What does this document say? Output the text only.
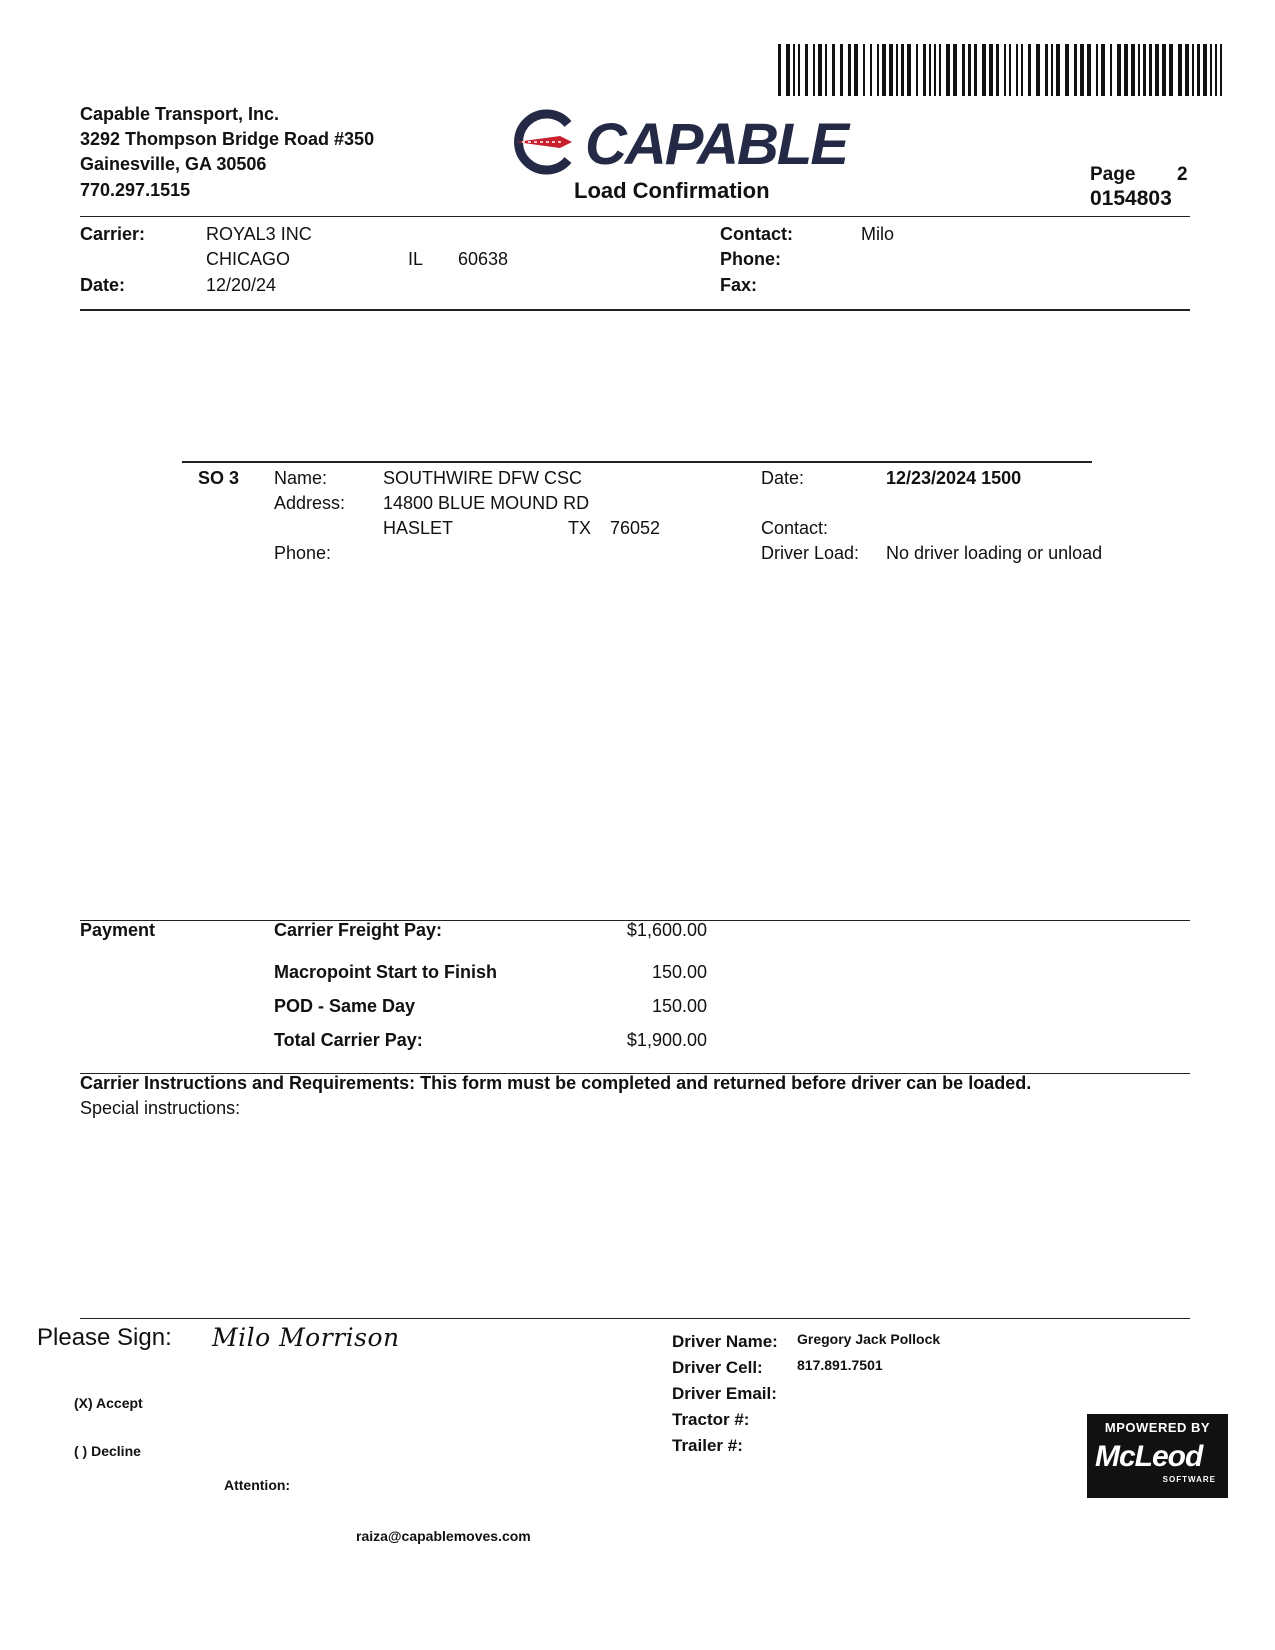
Capable Transport, Inc.
3292 Thompson Bridge Road #350
Gainesville, GA 30506
770.297.1515
CAPABLE
Load Confirmation
Page 2
0154803
Carrier:	ROYAL3 INC
CHICAGO	IL 60638
Date:	12/20/24
Contact:	Milo
Phone:
Fax:
SO 3 Name:	SOUTHWIRE DFW CSC
Address: 14800 BLUE MOUND RD
HASLET	TX 76052
Phone:
Date:	12/23/2024 1500
Contact:
Driver Load: No driver loading or unload
Payment	Carrier Freight Pay:	$1,600.00
Macropoint Start to Finish	150.00
POD - Same Day	150.00
Total Carrier Pay:	$1,900.00
Carrier Instructions and Requirements: This form must be completed and returned before driver can be loaded.
Special instructions:
Please Sign: Milo Morrison
(X) Accept
( ) Decline
Attention:
raiza@capablemoves.com
Driver Name: Gregory Jack Pollock
Driver Cell: 817.891.7501
Driver Email:
Tractor #:
Trailer #:
MPOWERED BY
McLeod
SOFTWARE
